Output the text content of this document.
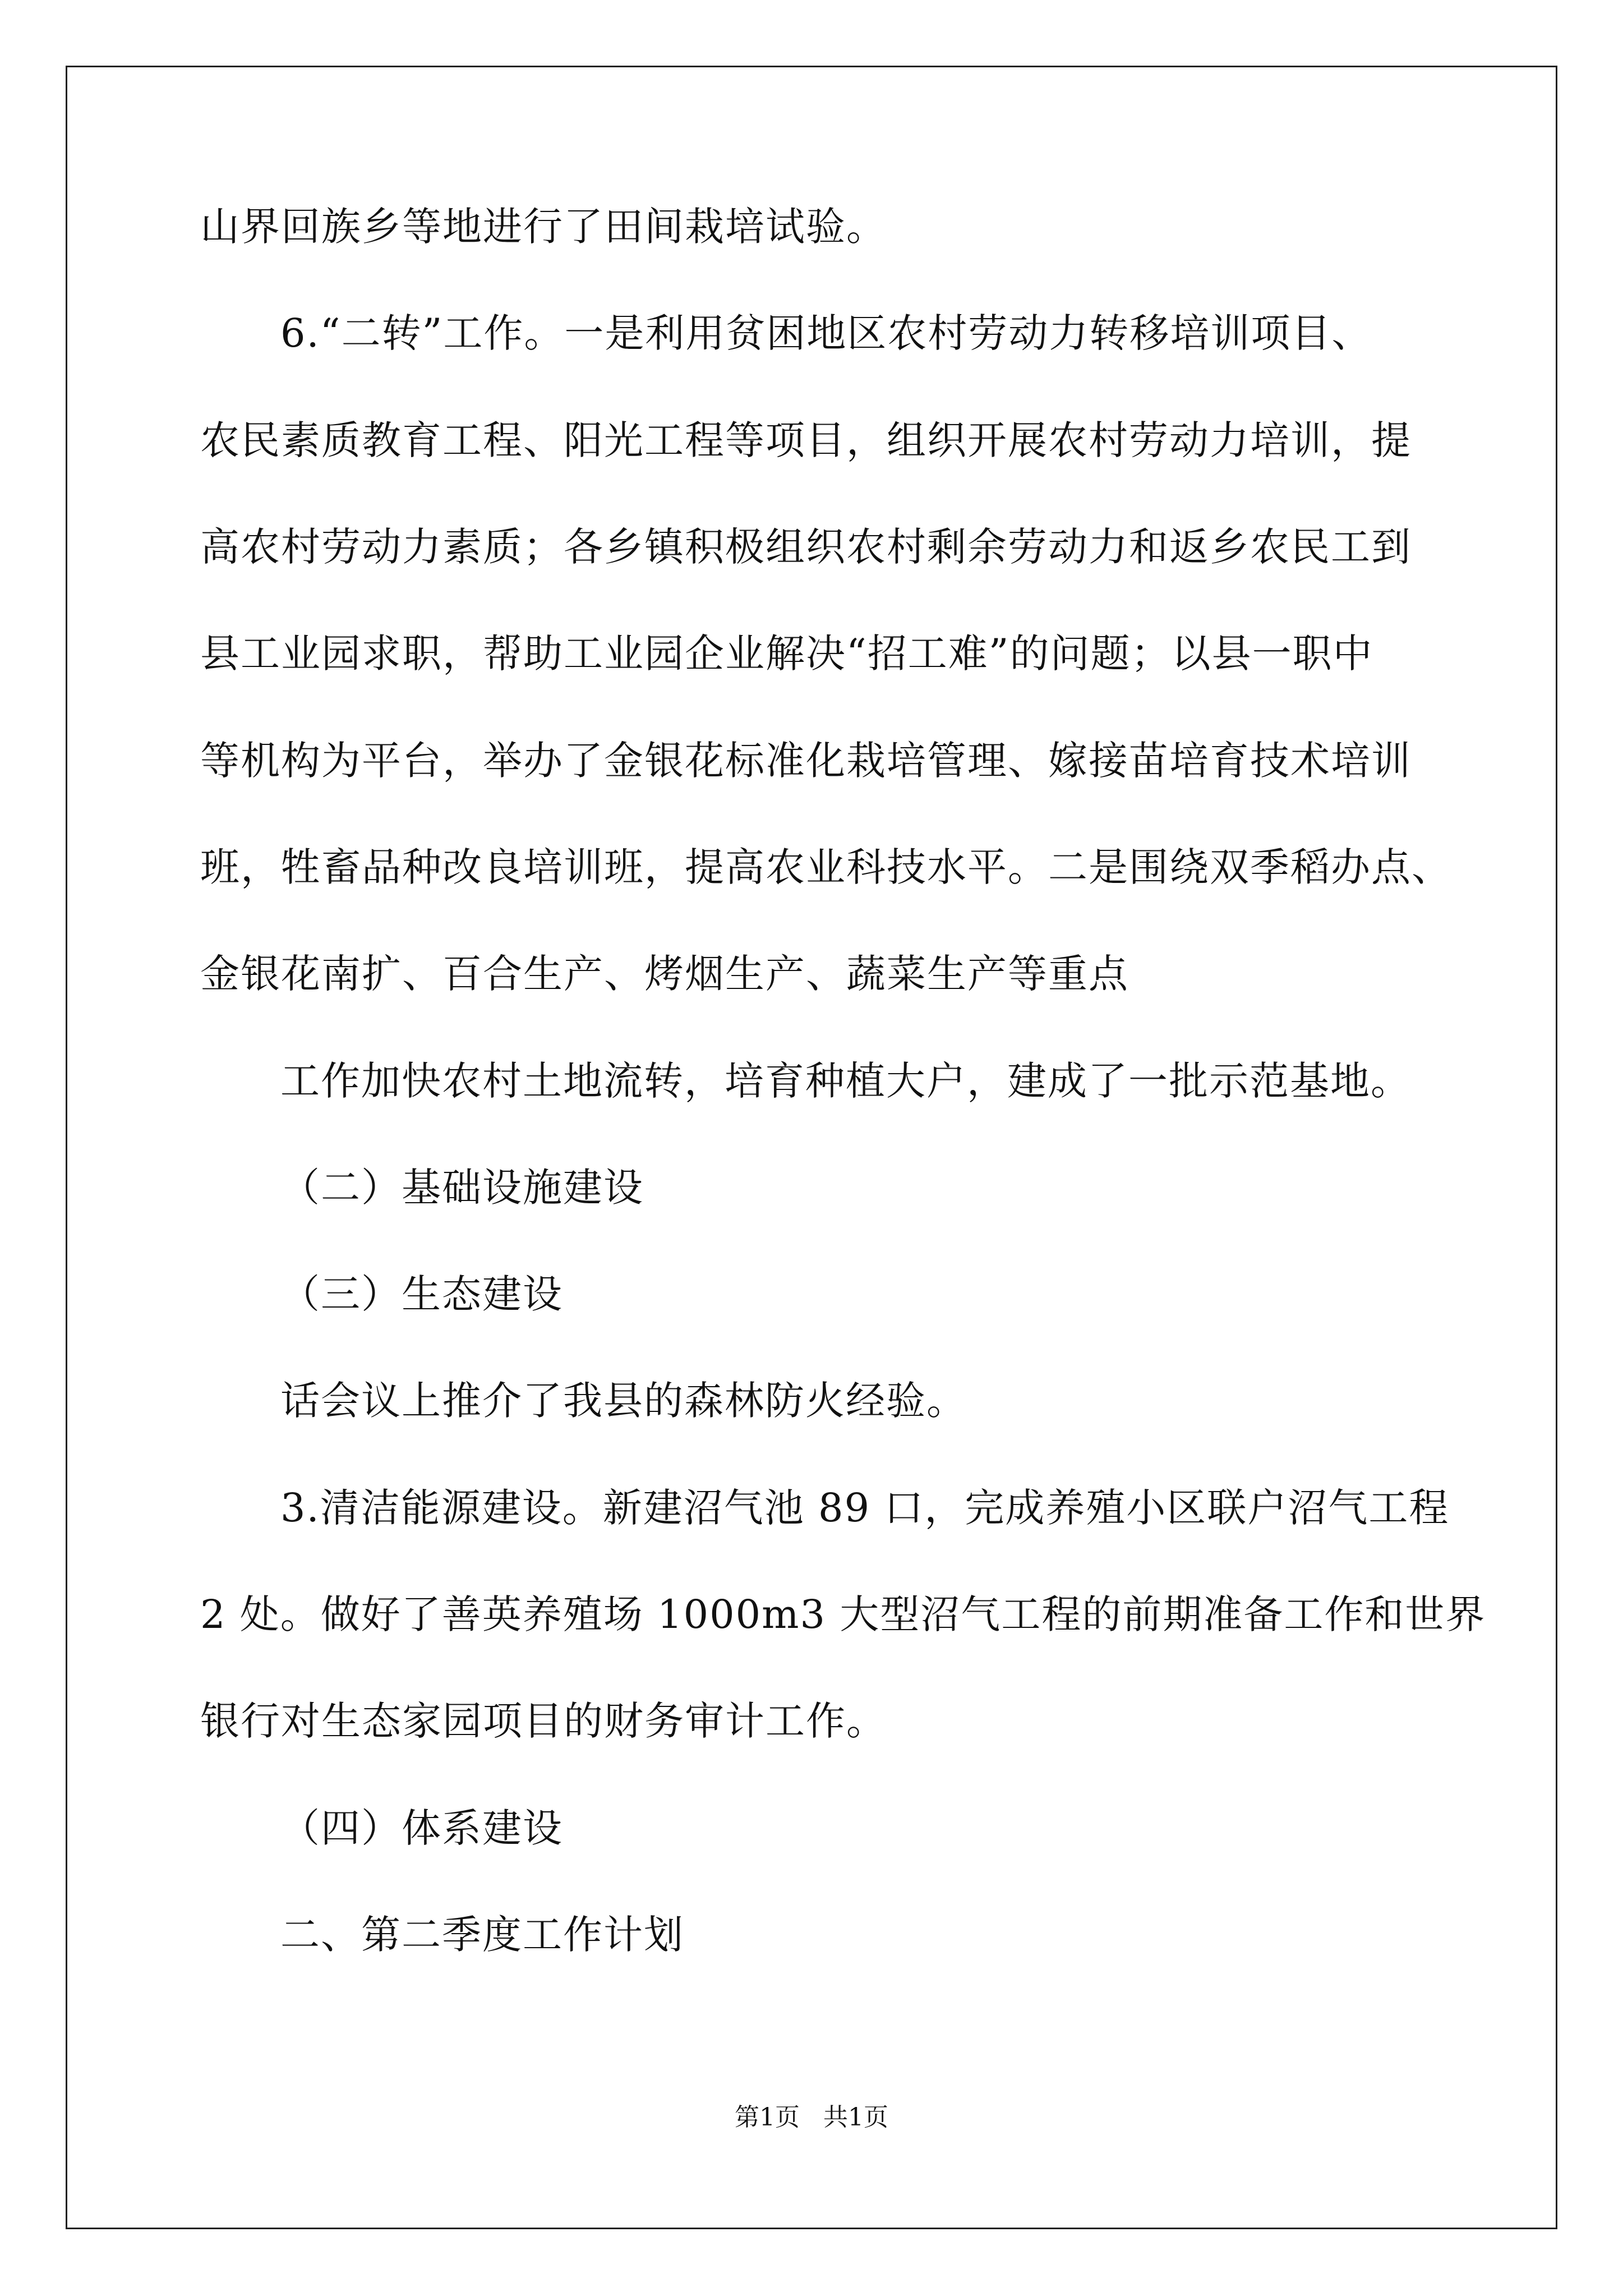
山界回族乡等地进行了田间栽培试验。
6.“二转”工作。一是利用贫困地区农村劳动力转移培训项目、
农民素质教育工程、阳光工程等项目，组织开展农村劳动力培训，提
高农村劳动力素质；各乡镇积极组织农村剩余劳动力和返乡农民工到
县工业园求职，帮助工业园企业解决“招工难”的问题；以县一职中
等机构为平台，举办了金银花标准化栽培管理、嫁接苗培育技术培训
班，牲畜品种改良培训班，提高农业科技水平。二是围绕双季稻办点、
金银花南扩、百合生产、烤烟生产、蔬菜生产等重点
工作加快农村土地流转，培育种植大户，建成了一批示范基地。
（二）基础设施建设
（三）生态建设
话会议上推介了我县的森林防火经验。
3.清洁能源建设。新建沼气池 89 口，完成养殖小区联户沼气工程
2 处。做好了善英养殖场 1000m3 大型沼气工程的前期准备工作和世界
银行对生态家园项目的财务审计工作。
（四）体系建设
二、第二季度工作计划
第1页   共1页
